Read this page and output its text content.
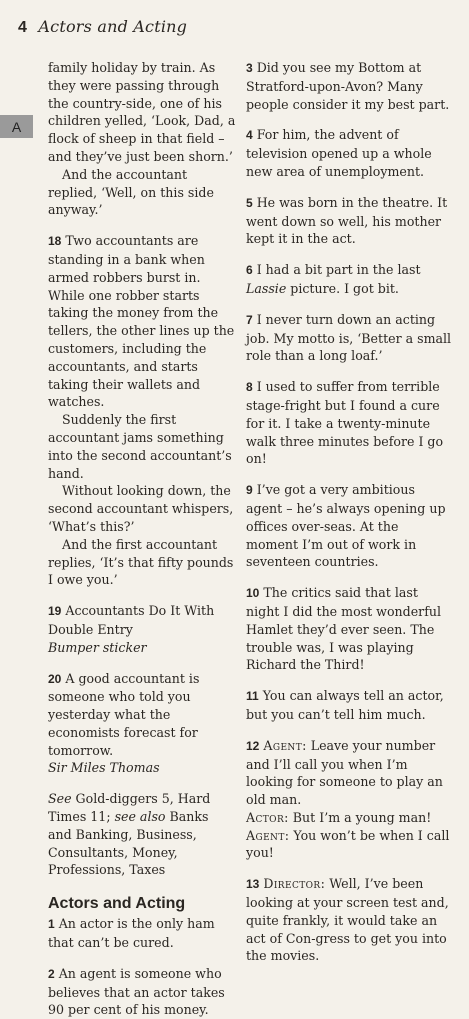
4 Actors and Acting
A

family holiday by train. As they were passing through the country-side, one of his children yelled, ‘Look, Dad, a flock of sheep in that field – and they’ve just been shorn.’

And the accountant replied, ‘Well, on this side anyway.’

18 Two accountants are standing in a bank when armed robbers burst in. While one robber starts taking the money from the tellers, the other lines up the customers, including the accountants, and starts taking their wallets and watches.

Suddenly the first accountant jams something into the second accountant’s hand.

Without looking down, the second accountant whispers, ‘What’s this?’

And the first accountant replies, ‘It’s that fifty pounds I owe you.’

19 Accountants Do It With Double Entry

Bumper sticker

20 A good accountant is someone who told you yesterday what the economists forecast for tomorrow.

Sir Miles Thomas

See Gold-diggers 5, Hard Times 11; see also Banks and Banking, Business, Consultants, Money, Professions, Taxes

Actors and Acting

1 An actor is the only ham that can’t be cured.

2 An agent is someone who believes that an actor takes 90 per cent of his money.

3 Did you see my Bottom at Stratford-upon-Avon? Many people consider it my best part.

4 For him, the advent of television opened up a whole new area of unemployment.

5 He was born in the theatre. It went down so well, his mother kept it in the act.

6 I had a bit part in the last Lassie picture. I got bit.

7 I never turn down an acting job. My motto is, ‘Better a small role than a long loaf.’

8 I used to suffer from terrible stage-fright but I found a cure for it. I take a twenty-minute walk three minutes before I go on!

9 I’ve got a very ambitious agent – he’s always opening up offices over-seas. At the moment I’m out of work in seventeen countries.

10 The critics said that last night I did the most wonderful Hamlet they’d ever seen. The trouble was, I was playing Richard the Third!

11 You can always tell an actor, but you can’t tell him much.

12 Agent: Leave your number and I’ll call you when I’m looking for someone to play an old man.

Actor: But I’m a young man!

Agent: You won’t be when I call you!

13 Director: Well, I’ve been looking at your screen test and, quite frankly, it would take an act of Con-gress to get you into the movies.
